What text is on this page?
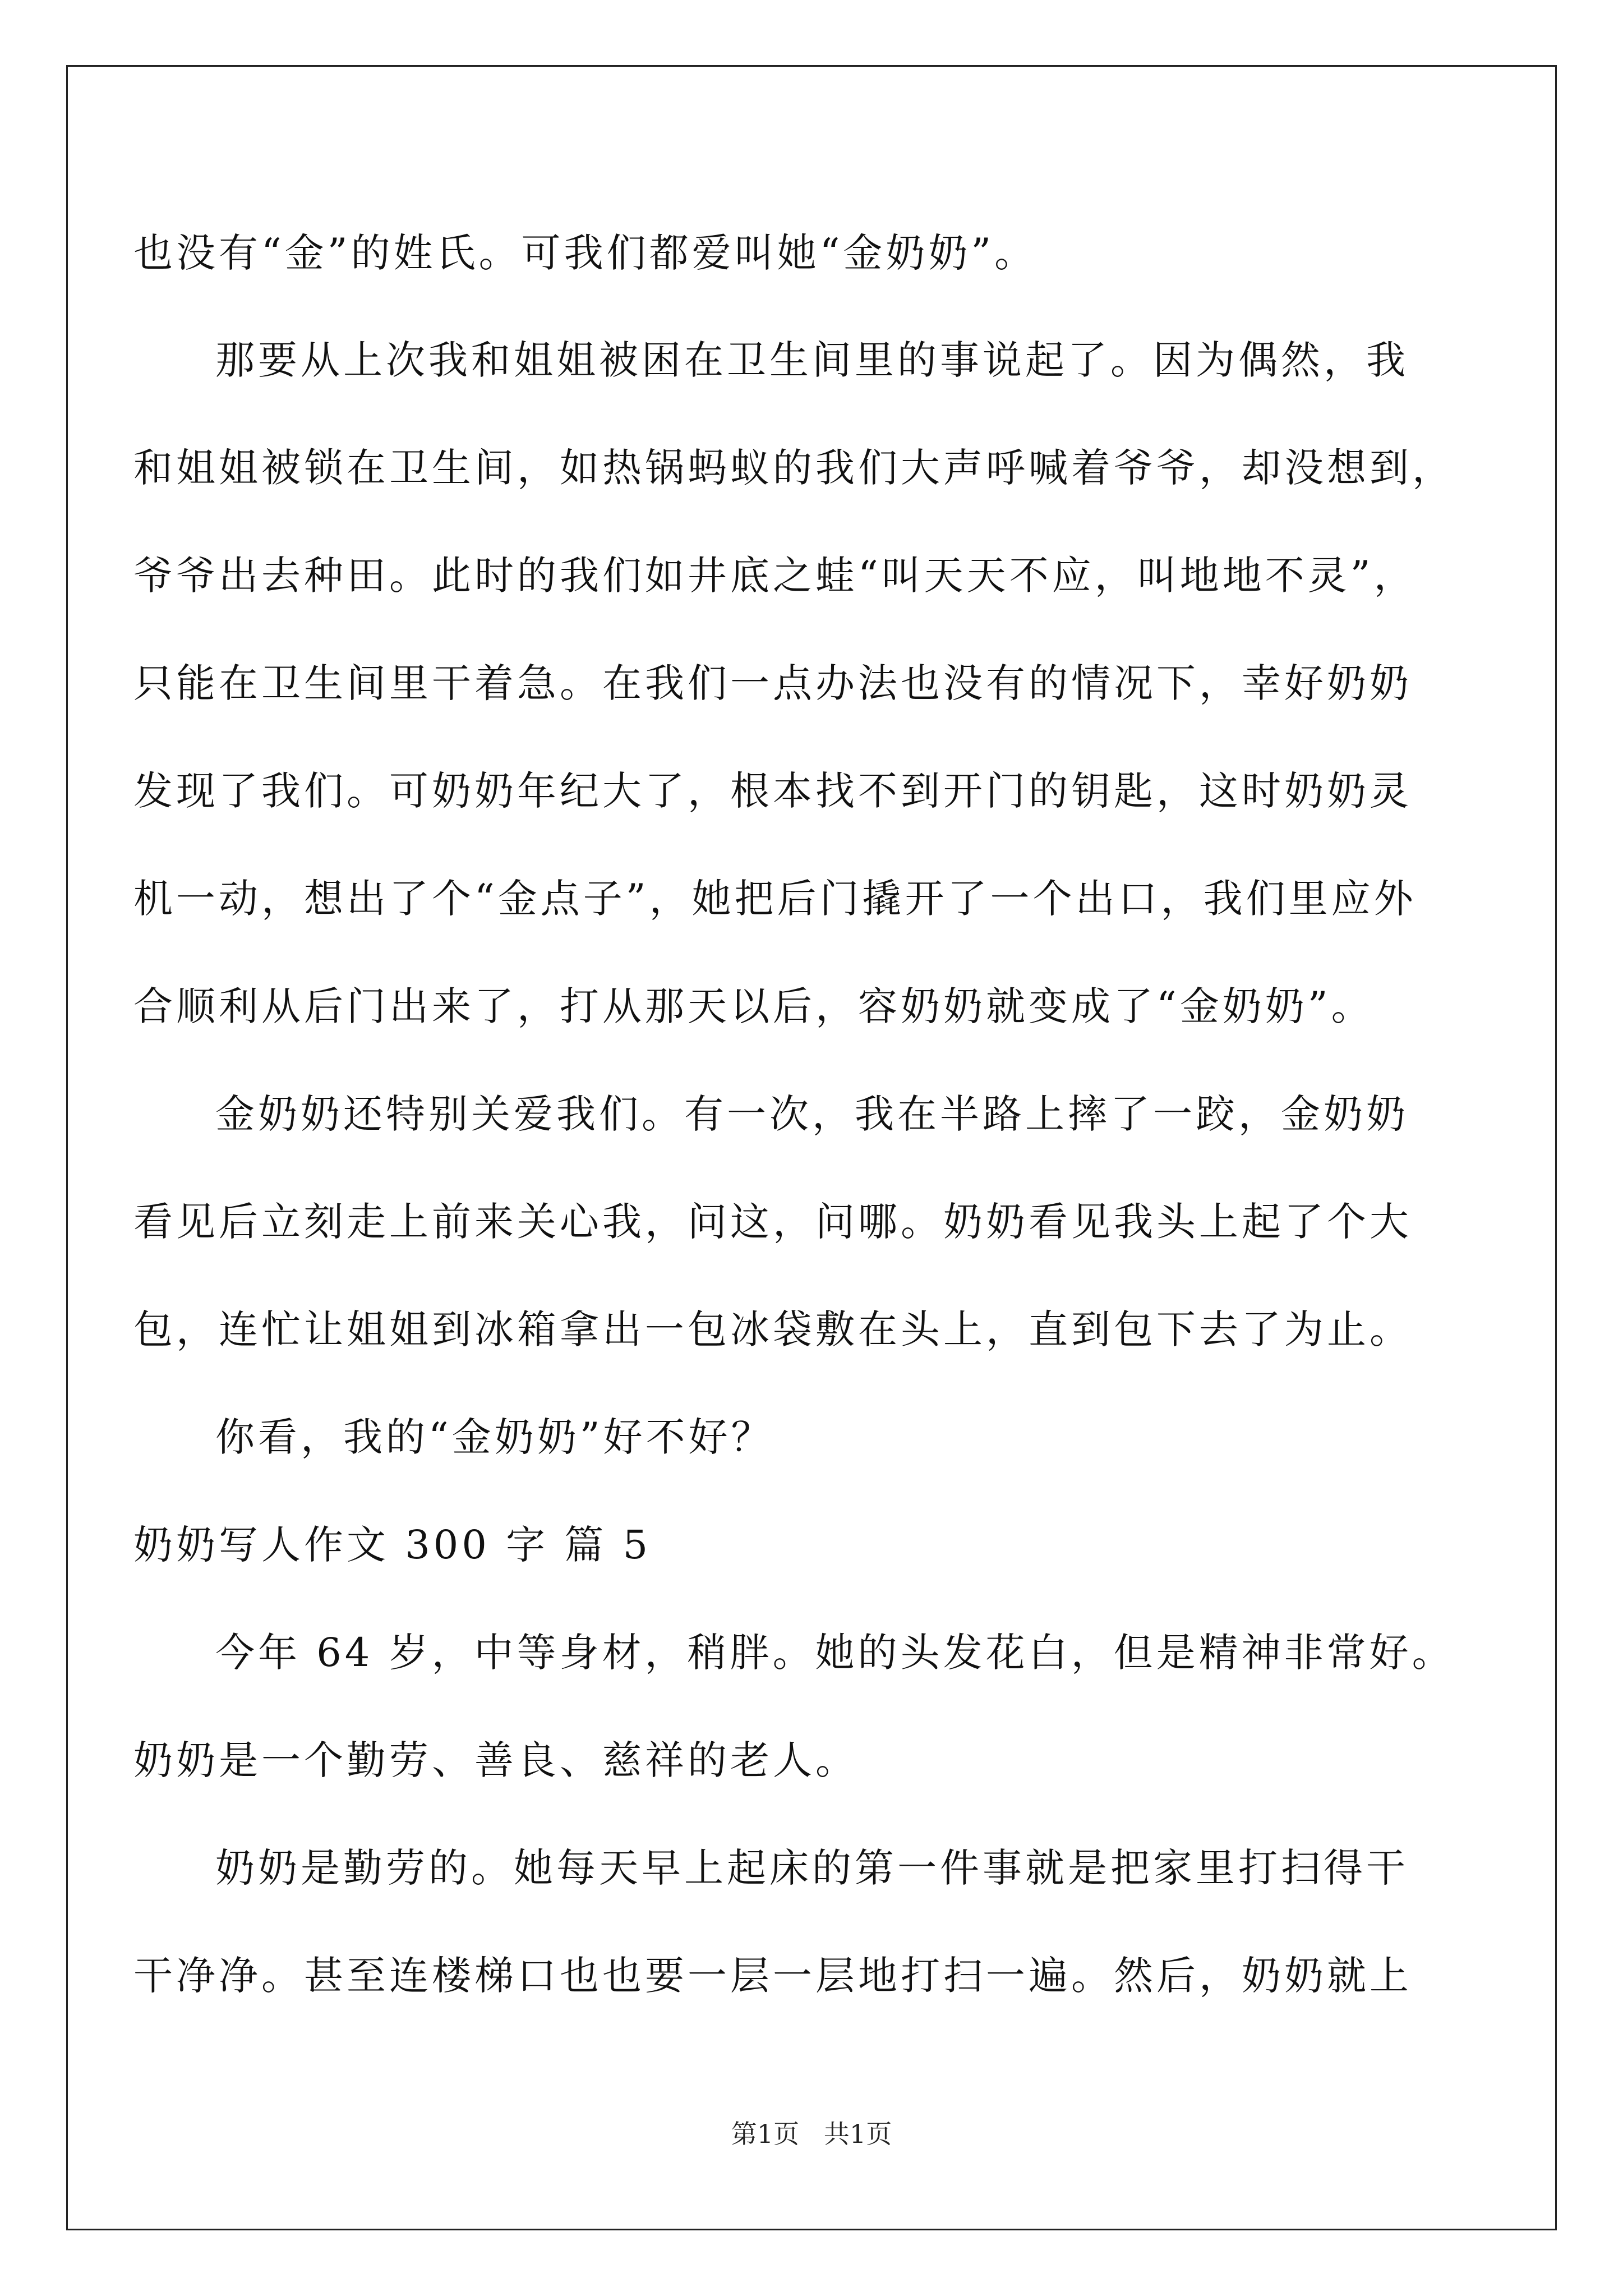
也没有“金”的姓氏。可我们都爱叫她“金奶奶”。
那要从上次我和姐姐被困在卫生间里的事说起了。因为偶然，我
和姐姐被锁在卫生间，如热锅蚂蚁的我们大声呼喊着爷爷，却没想到，
爷爷出去种田。此时的我们如井底之蛙“叫天天不应，叫地地不灵”，
只能在卫生间里干着急。在我们一点办法也没有的情况下，幸好奶奶
发现了我们。可奶奶年纪大了，根本找不到开门的钥匙，这时奶奶灵
机一动，想出了个“金点子”，她把后门撬开了一个出口，我们里应外
合顺利从后门出来了，打从那天以后，容奶奶就变成了“金奶奶”。
金奶奶还特别关爱我们。有一次，我在半路上摔了一跤，金奶奶
看见后立刻走上前来关心我，问这，问哪。奶奶看见我头上起了个大
包，连忙让姐姐到冰箱拿出一包冰袋敷在头上，直到包下去了为止。
你看，我的“金奶奶”好不好？
奶奶写人作文 300 字 篇 5
今年 64 岁，中等身材，稍胖。她的头发花白，但是精神非常好。
奶奶是一个勤劳、善良、慈祥的老人。
奶奶是勤劳的。她每天早上起床的第一件事就是把家里打扫得干
干净净。甚至连楼梯口也也要一层一层地打扫一遍。然后，奶奶就上
第1页   共1页
